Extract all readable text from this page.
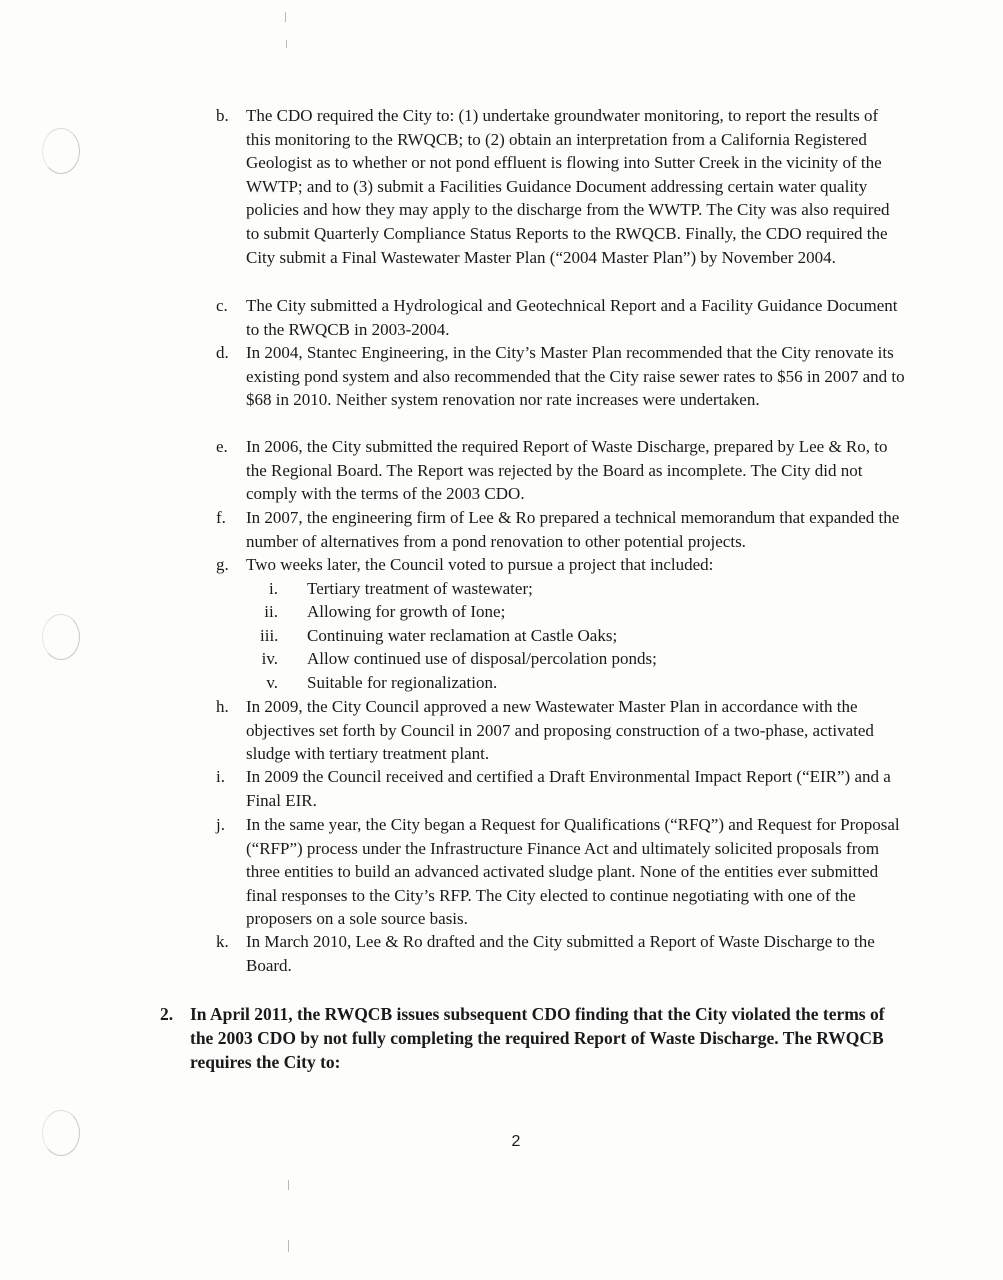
b. The CDO required the City to: (1) undertake groundwater monitoring, to report the results of this monitoring to the RWQCB; to (2) obtain an interpretation from a California Registered Geologist as to whether or not pond effluent is flowing into Sutter Creek in the vicinity of the WWTP; and to (3) submit a Facilities Guidance Document addressing certain water quality policies and how they may apply to the discharge from the WWTP. The City was also required to submit Quarterly Compliance Status Reports to the RWQCB. Finally, the CDO required the City submit a Final Wastewater Master Plan (“2004 Master Plan”) by November 2004.
c. The City submitted a Hydrological and Geotechnical Report and a Facility Guidance Document to the RWQCB in 2003-2004.
d. In 2004, Stantec Engineering, in the City’s Master Plan recommended that the City renovate its existing pond system and also recommended that the City raise sewer rates to $56 in 2007 and to $68 in 2010. Neither system renovation nor rate increases were undertaken.
e. In 2006, the City submitted the required Report of Waste Discharge, prepared by Lee & Ro, to the Regional Board. The Report was rejected by the Board as incomplete. The City did not comply with the terms of the 2003 CDO.
f. In 2007, the engineering firm of Lee & Ro prepared a technical memorandum that expanded the number of alternatives from a pond renovation to other potential projects.
g. Two weeks later, the Council voted to pursue a project that included:
i. Tertiary treatment of wastewater;
ii. Allowing for growth of Ione;
iii. Continuing water reclamation at Castle Oaks;
iv. Allow continued use of disposal/percolation ponds;
v. Suitable for regionalization.
h. In 2009, the City Council approved a new Wastewater Master Plan in accordance with the objectives set forth by Council in 2007 and proposing construction of a two-phase, activated sludge with tertiary treatment plant.
i. In 2009 the Council received and certified a Draft Environmental Impact Report (“EIR”) and a Final EIR.
j. In the same year, the City began a Request for Qualifications (“RFQ”) and Request for Proposal (“RFP”) process under the Infrastructure Finance Act and ultimately solicited proposals from three entities to build an advanced activated sludge plant. None of the entities ever submitted final responses to the City’s RFP. The City elected to continue negotiating with one of the proposers on a sole source basis.
k. In March 2010, Lee & Ro drafted and the City submitted a Report of Waste Discharge to the Board.
2. In April 2011, the RWQCB issues subsequent CDO finding that the City violated the terms of the 2003 CDO by not fully completing the required Report of Waste Discharge. The RWQCB requires the City to:
2
